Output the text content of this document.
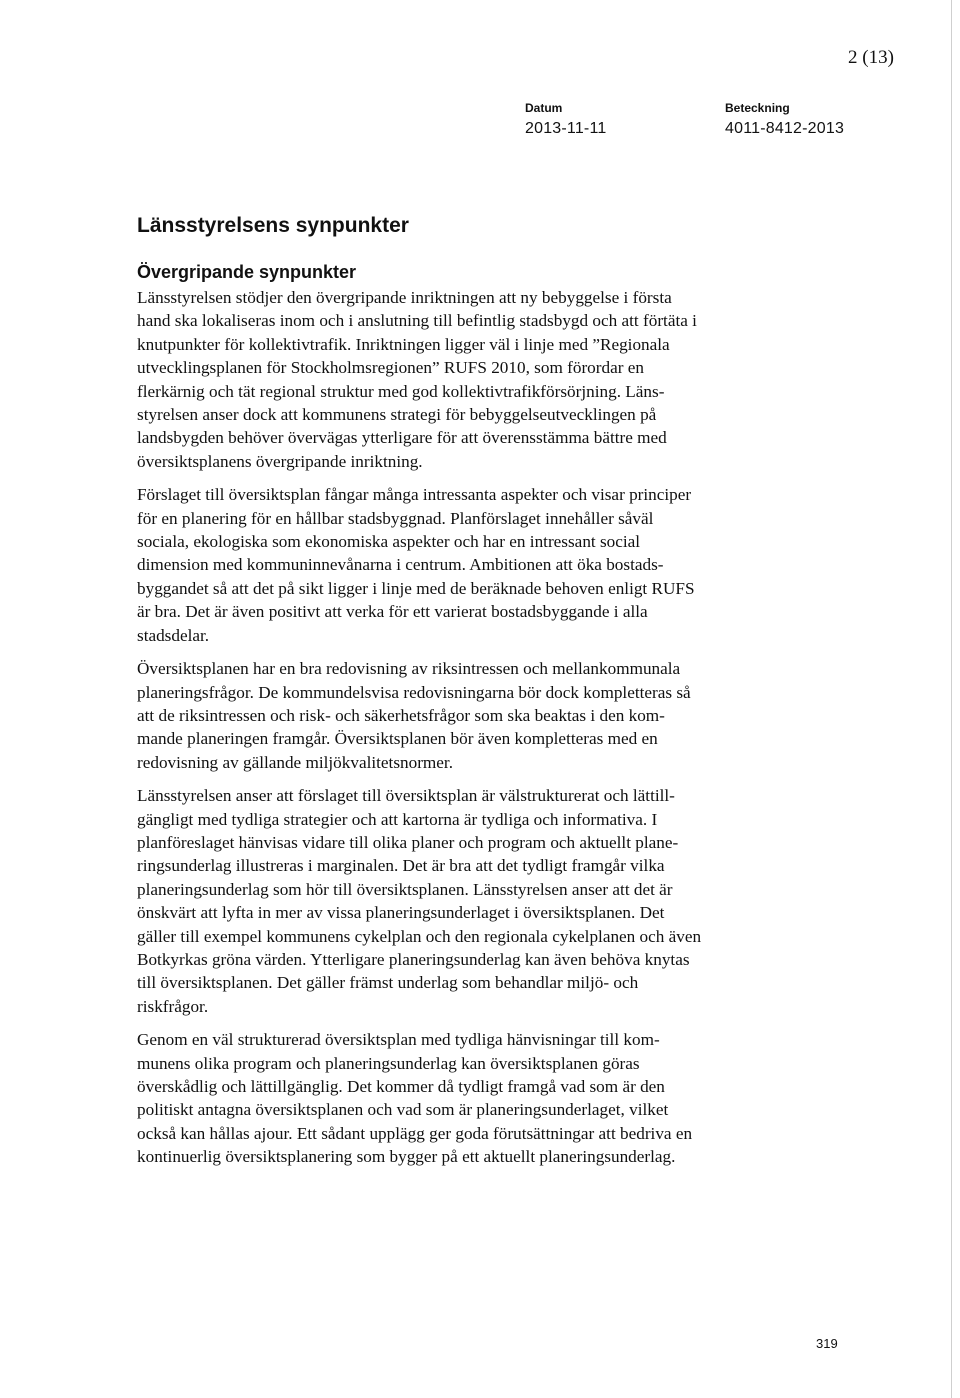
2 (13)
Datum
2013-11-11
Beteckning
4011-8412-2013
Länsstyrelsens synpunkter
Övergripande synpunkter

Länsstyrelsen stödjer den övergripande inriktningen att ny bebyggelse i första
hand ska lokaliseras inom och i anslutning till befintlig stadsbygd och att förtäta i
knutpunkter för kollektivtrafik. Inriktningen ligger väl i linje med ”Regionala
utvecklingsplanen för Stockholmsregionen” RUFS 2010, som förordar en
flerkärnig och tät regional struktur med god kollektivtrafikförsörjning. Läns-
styrelsen anser dock att kommunens strategi för bebyggelseutvecklingen på
landsbygden behöver övervägas ytterligare för att överensstämma bättre med
översiktsplanens övergripande inriktning.

Förslaget till översiktsplan fångar många intressanta aspekter och visar principer
för en planering för en hållbar stadsbyggnad. Planförslaget innehåller såväl
sociala, ekologiska som ekonomiska aspekter och har en intressant social
dimension med kommuninnevånarna i centrum. Ambitionen att öka bostads-
byggandet så att det på sikt ligger i linje med de beräknade behoven enligt RUFS
är bra. Det är även positivt att verka för ett varierat bostadsbyggande i alla
stadsdelar.

Översiktsplanen har en bra redovisning av riksintressen och mellankommunala
planeringsfrågor. De kommundelsvisa redovisningarna bör dock kompletteras så
att de riksintressen och risk- och säkerhetsfrågor som ska beaktas i den kom-
mande planeringen framgår. Översiktsplanen bör även kompletteras med en
redovisning av gällande miljökvalitetsnormer.

Länsstyrelsen anser att förslaget till översiktsplan är välstrukturerat och lättill-
gängligt med tydliga strategier och att kartorna är tydliga och informativa. I
planföreslaget hänvisas vidare till olika planer och program och aktuellt plane-
ringsunderlag illustreras i marginalen. Det är bra att det tydligt framgår vilka
planeringsunderlag som hör till översiktsplanen. Länsstyrelsen anser att det är
önskvärt att lyfta in mer av vissa planeringsunderlaget i översiktsplanen. Det
gäller till exempel kommunens cykelplan och den regionala cykelplanen och även
Botkyrkas gröna värden. Ytterligare planeringsunderlag kan även behöva knytas
till översiktsplanen. Det gäller främst underlag som behandlar miljö- och
riskfrågor.

Genom en väl strukturerad översiktsplan med tydliga hänvisningar till kom-
munens olika program och planeringsunderlag kan översiktsplanen göras
överskådlig och lättillgänglig. Det kommer då tydligt framgå vad som är den
politiskt antagna översiktsplanen och vad som är planeringsunderlaget, vilket
också kan hållas ajour. Ett sådant upplägg ger goda förutsättningar att bedriva en
kontinuerlig översiktsplanering som bygger på ett aktuellt planeringsunderlag.

319
